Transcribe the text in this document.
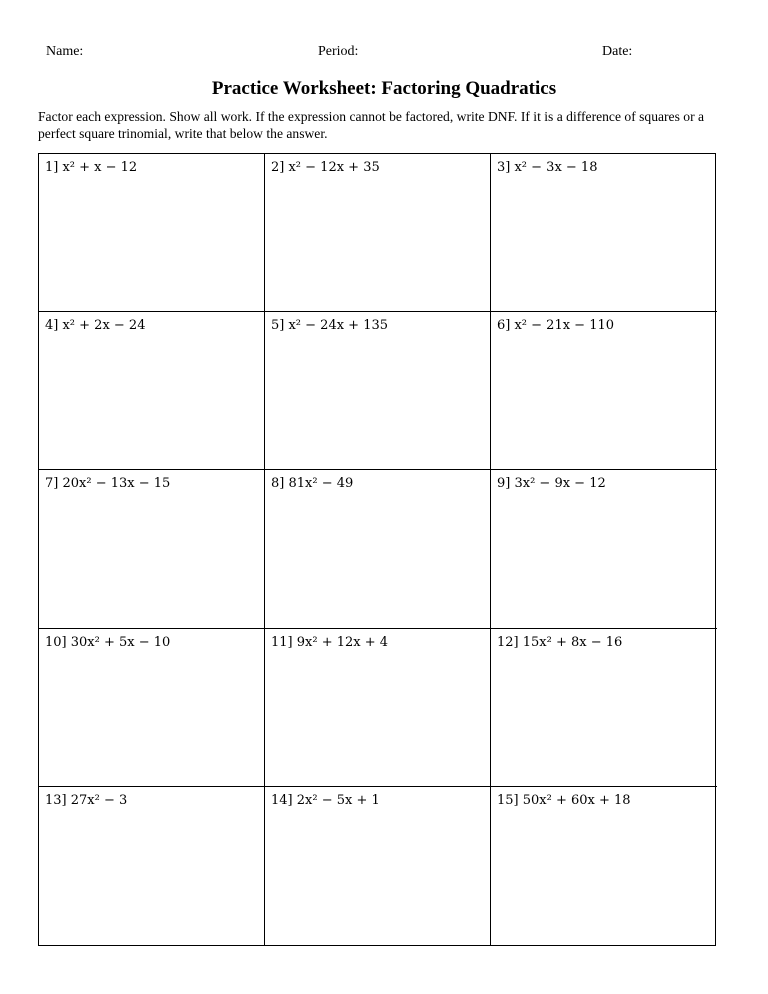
Name:	Period:	Date:
Practice Worksheet: Factoring Quadratics
Factor each expression. Show all work. If the expression cannot be factored, write DNF. If it is a difference of squares or a perfect square trinomial, write that below the answer.
1] x² + x − 12	2] x² − 12x + 35	3] x² − 3x − 18
4] x² + 2x − 24	5] x² − 24x + 135	6] x² − 21x − 110
7] 20x² − 13x − 15	8] 81x² − 49	9] 3x² − 9x − 12
10] 30x² + 5x − 10	11] 9x² + 12x + 4	12] 15x² + 8x − 16
13] 27x² − 3	14] 2x² − 5x + 1	15] 50x² + 60x + 18
